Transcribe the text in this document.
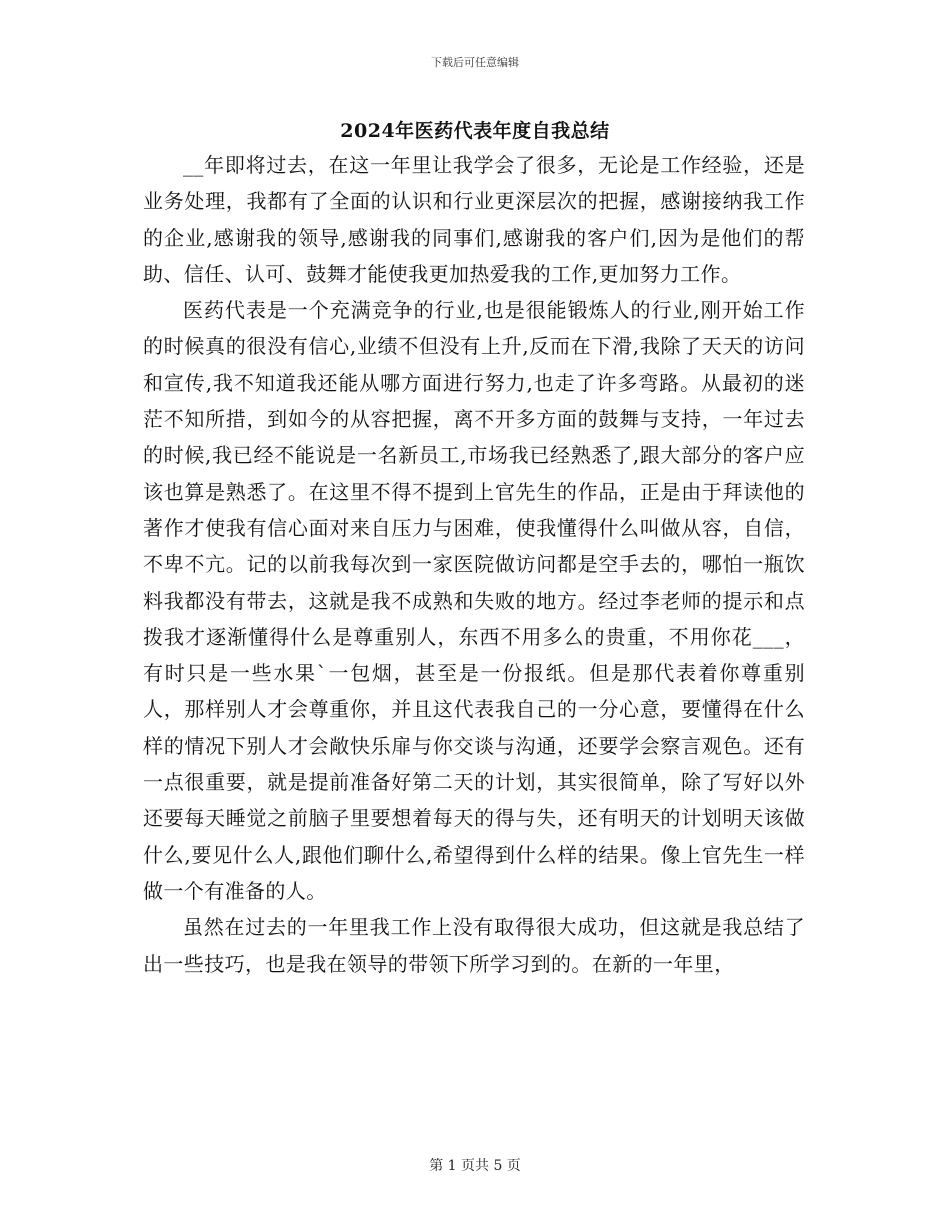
下载后可任意编辑
2024年医药代表年度自我总结

__年即将过去，在这一年里让我学会了很多，无论是工作经验，还是业务处理，我都有了全面的认识和行业更深层次的把握，感谢接纳我工作的企业,感谢我的领导,感谢我的同事们,感谢我的客户们,因为是他们的帮助、信任、认可、鼓舞才能使我更加热爱我的工作,更加努力工作。

医药代表是一个充满竞争的行业,也是很能锻炼人的行业,刚开始工作的时候真的很没有信心,业绩不但没有上升,反而在下滑,我除了天天的访问和宣传,我不知道我还能从哪方面进行努力,也走了许多弯路。从最初的迷茫不知所措，到如今的从容把握，离不开多方面的鼓舞与支持，一年过去的时候,我已经不能说是一名新员工,市场我已经熟悉了,跟大部分的客户应该也算是熟悉了。在这里不得不提到上官先生的作品，正是由于拜读他的著作才使我有信心面对来自压力与困难，使我懂得什么叫做从容，自信，不卑不亢。记的以前我每次到一家医院做访问都是空手去的，哪怕一瓶饮料我都没有带去，这就是我不成熟和失败的地方。经过李老师的提示和点拨我才逐渐懂得什么是尊重别人，东西不用多么的贵重，不用你花___，有时只是一些水果`一包烟，甚至是一份报纸。但是那代表着你尊重别人，那样别人才会尊重你，并且这代表我自己的一分心意，要懂得在什么样的情况下别人才会敞快乐扉与你交谈与沟通，还要学会察言观色。还有一点很重要，就是提前准备好第二天的计划，其实很简单，除了写好以外还要每天睡觉之前脑子里要想着每天的得与失，还有明天的计划明天该做什么,要见什么人,跟他们聊什么,希望得到什么样的结果。像上官先生一样做一个有准备的人。

虽然在过去的一年里我工作上没有取得很大成功，但这就是我总结了出一些技巧，也是我在领导的带领下所学习到的。在新的一年里，

第 1 页共 5 页
